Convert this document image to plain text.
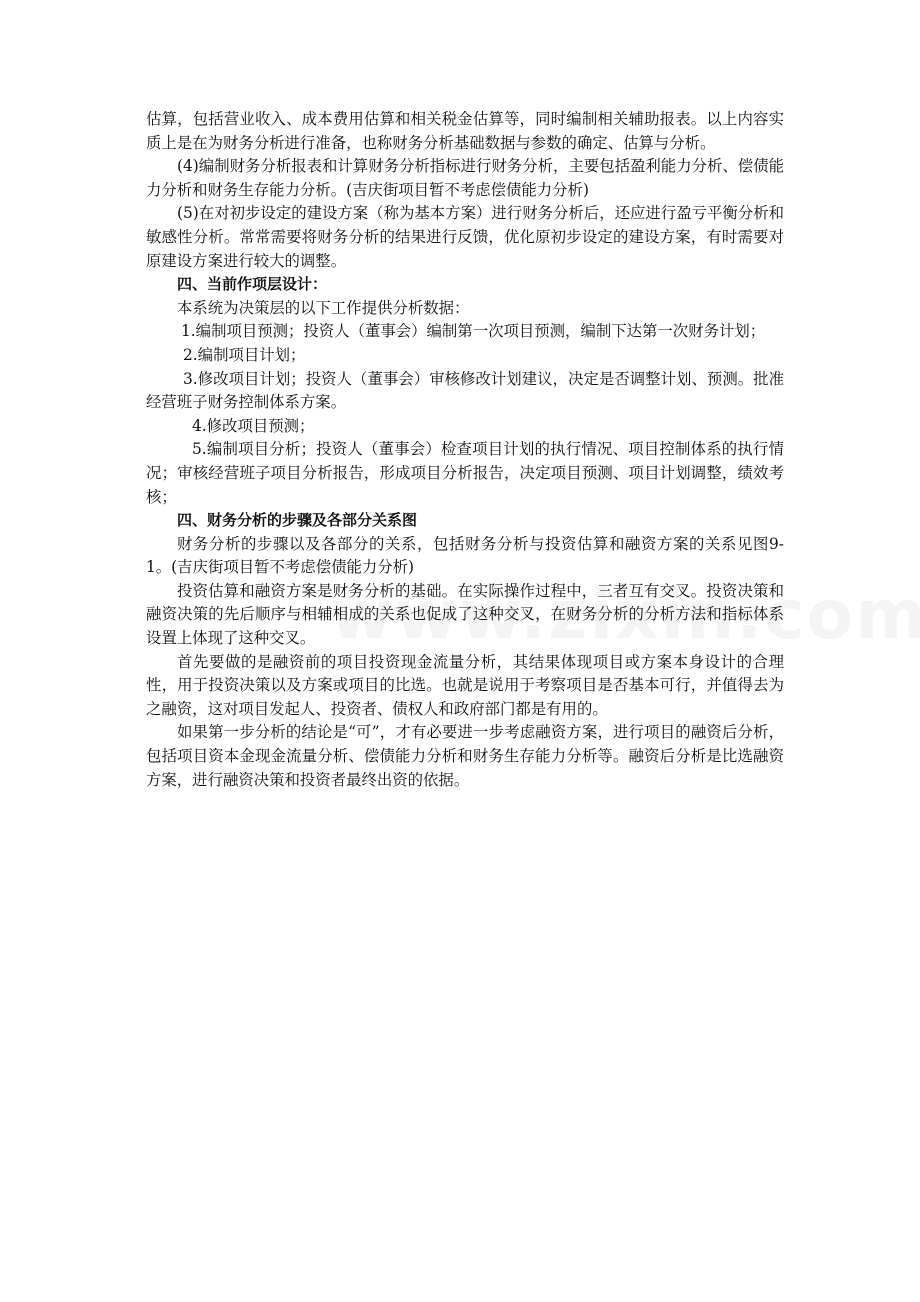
估算，包括营业收入、成本费用估算和相关税金估算等，同时编制相关辅助报表。以上内容实质上是在为财务分析进行准备，也称财务分析基础数据与参数的确定、估算与分析。

(4)编制财务分析报表和计算财务分析指标进行财务分析，主要包括盈利能力分析、偿债能力分析和财务生存能力分析。(吉庆街项目暂不考虑偿债能力分析)

(5)在对初步设定的建设方案（称为基本方案）进行财务分析后，还应进行盈亏平衡分析和敏感性分析。常常需要将财务分析的结果进行反馈，优化原初步设定的建设方案，有时需要对原建设方案进行较大的调整。

四、当前作项层设计：

本系统为决策层的以下工作提供分析数据：

1.编制项目预测；投资人（董事会）编制第一次项目预测，编制下达第一次财务计划；

2.编制项目计划；

3.修改项目计划；投资人（董事会）审核修改计划建议，决定是否调整计划、预测。批准经营班子财务控制体系方案。

4.修改项目预测；

5.编制项目分析；投资人（董事会）检查项目计划的执行情况、项目控制体系的执行情况；审核经营班子项目分析报告，形成项目分析报告，决定项目预测、项目计划调整，绩效考核；

四、财务分析的步骤及各部分关系图

财务分析的步骤以及各部分的关系，包括财务分析与投资估算和融资方案的关系见图9-1。(吉庆街项目暂不考虑偿债能力分析)

投资估算和融资方案是财务分析的基础。在实际操作过程中，三者互有交叉。投资决策和融资决策的先后顺序与相辅相成的关系也促成了这种交叉，在财务分析的分析方法和指标体系设置上体现了这种交叉。

首先要做的是融资前的项目投资现金流量分析，其结果体现项目或方案本身设计的合理性，用于投资决策以及方案或项目的比选。也就是说用于考察项目是否基本可行，并值得去为之融资，这对项目发起人、投资者、债权人和政府部门都是有用的。

如果第一步分析的结论是“可”，才有必要进一步考虑融资方案，进行项目的融资后分析，包括项目资本金现金流量分析、偿债能力分析和财务生存能力分析等。融资后分析是比选融资方案，进行融资决策和投资者最终出资的依据。
